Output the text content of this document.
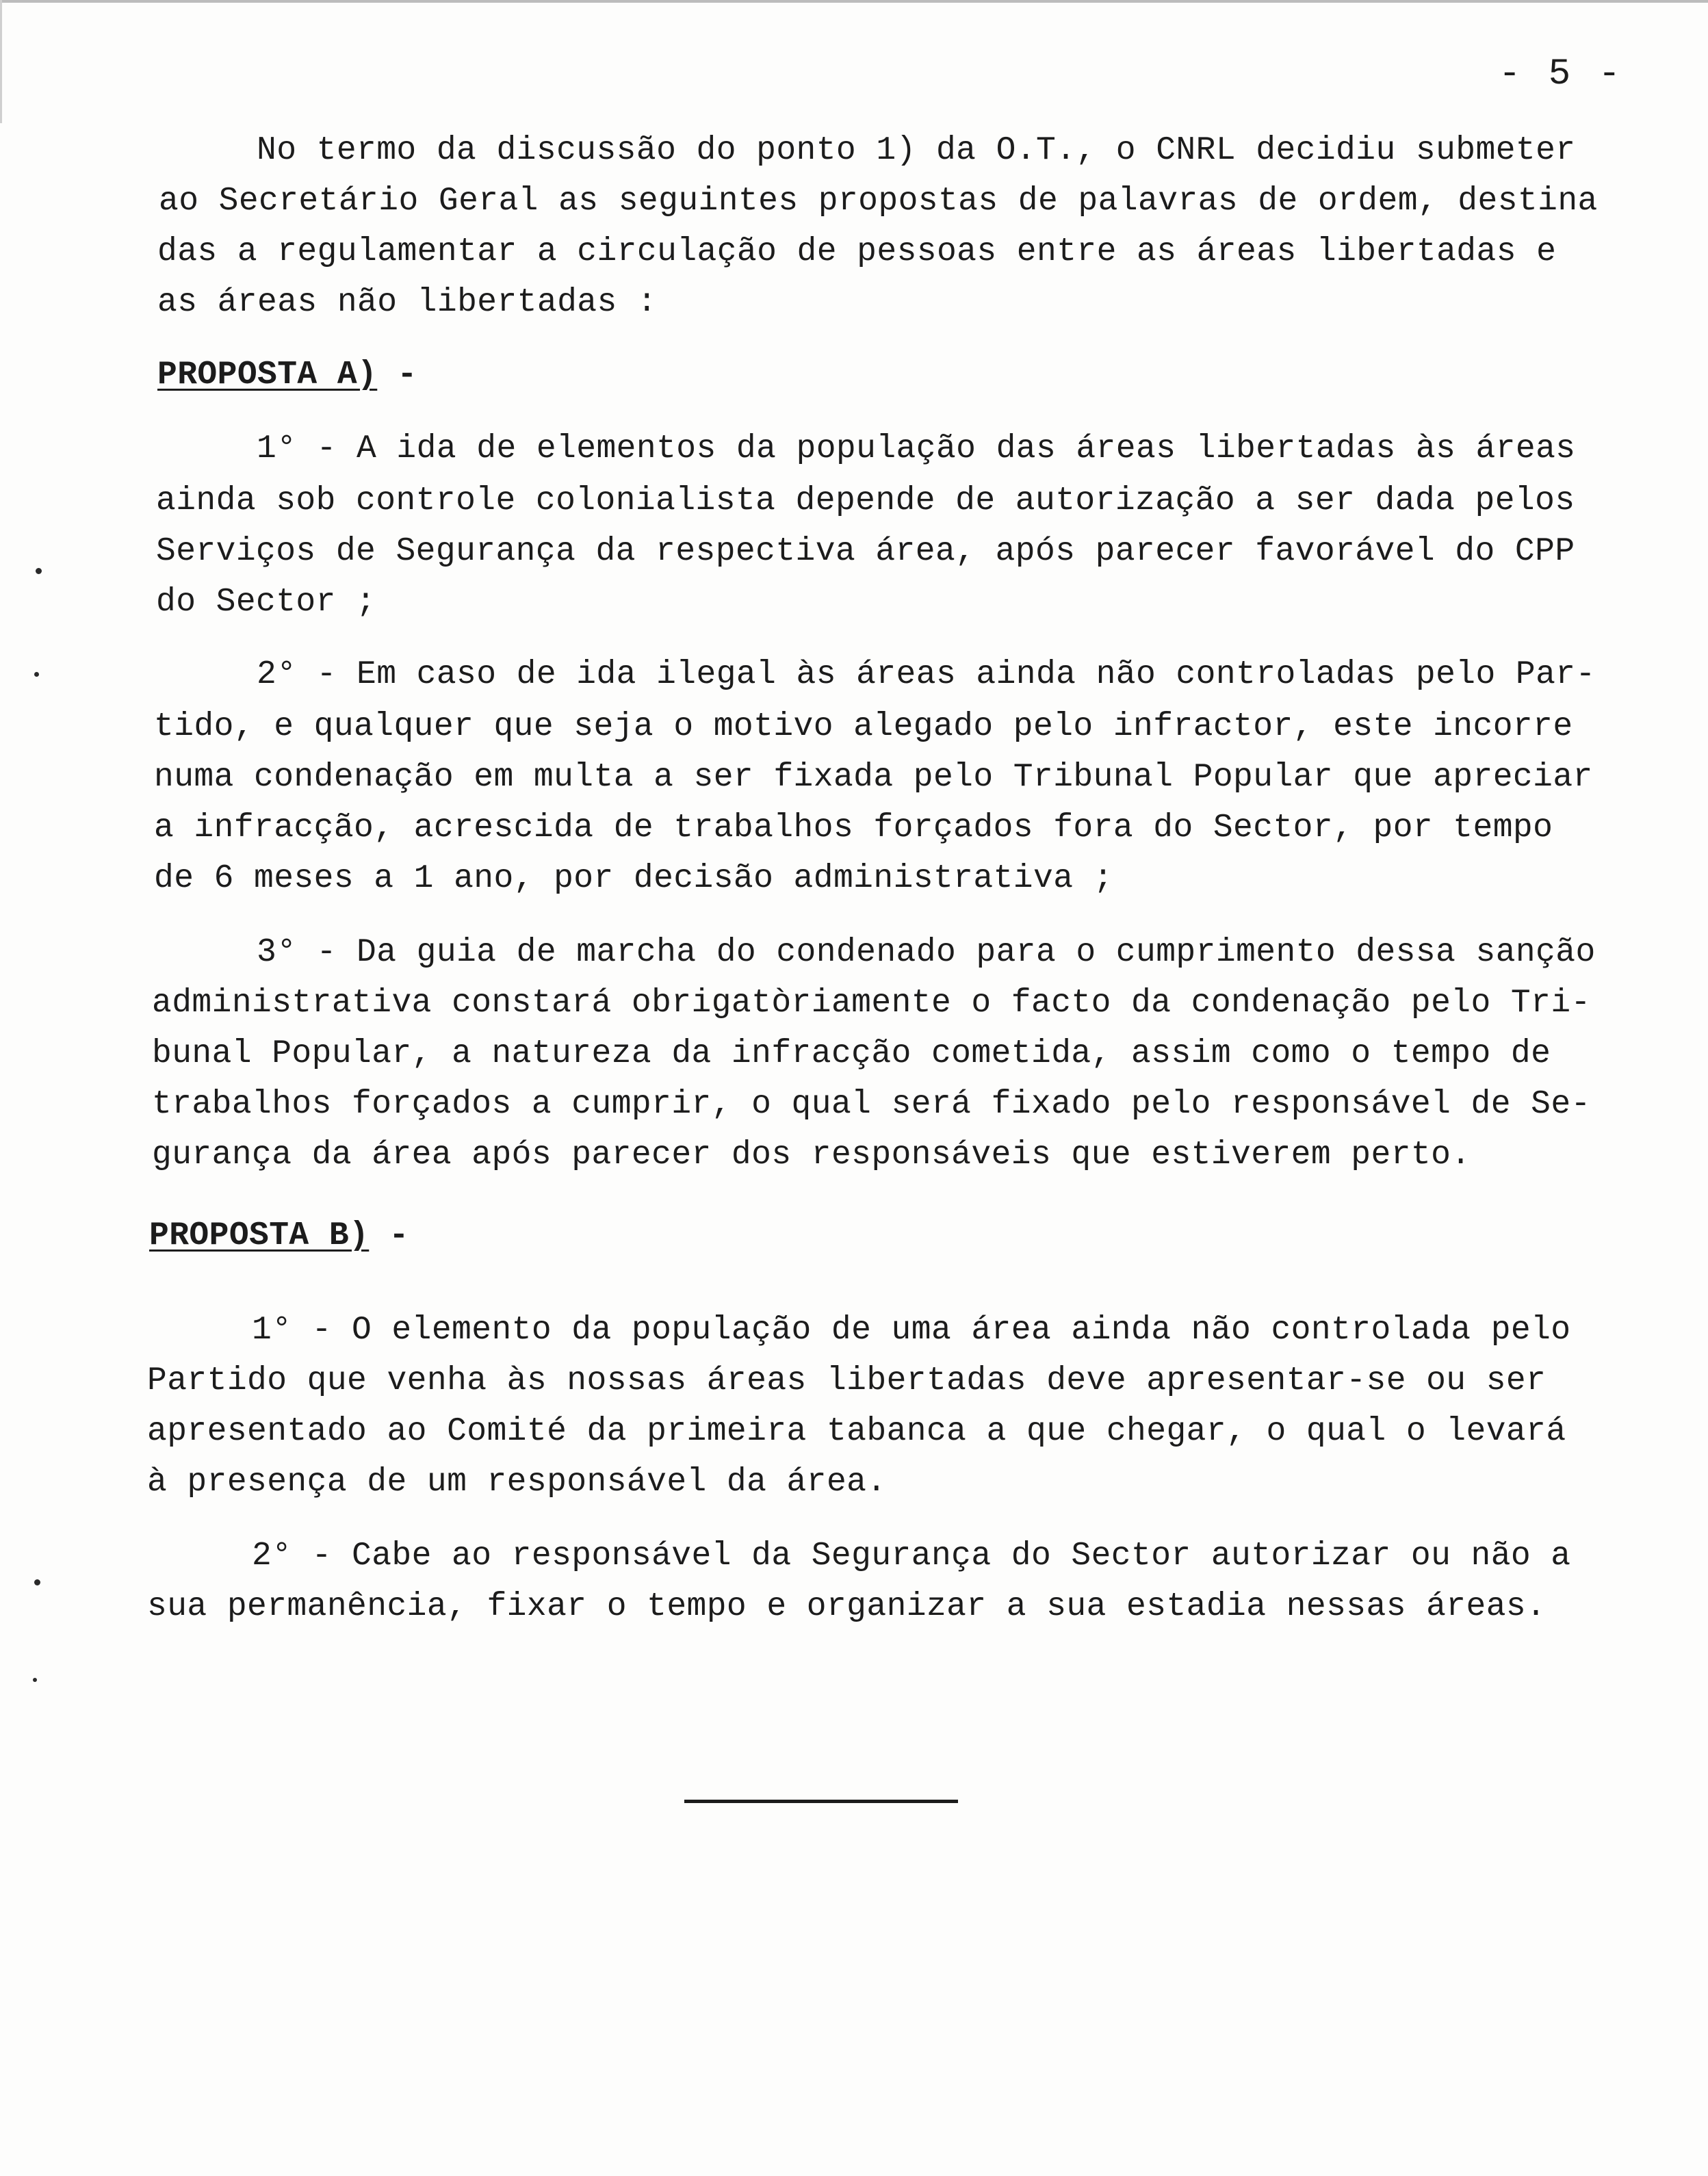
- 5 -
No termo da discussão do ponto 1) da O.T., o CNRL decidiu submeter
ao Secretário Geral as seguintes propostas de palavras de ordem, destina
das a regulamentar a circulação de pessoas entre as áreas libertadas e
as áreas não libertadas :
PROPOSTA A) -
1° - A ida de elementos da população das áreas libertadas às áreas
ainda sob controle colonialista depende de autorização a ser dada pelos
Serviços de Segurança da respectiva área, após parecer favorável do CPP
do Sector ;
2° - Em caso de ida ilegal às áreas ainda não controladas pelo Par-
tido, e qualquer que seja o motivo alegado pelo infractor, este incorre
numa condenação em multa a ser fixada pelo Tribunal Popular que apreciar
a infracção, acrescida de trabalhos forçados fora do Sector, por tempo
de 6 meses a 1 ano, por decisão administrativa ;
3° - Da guia de marcha do condenado para o cumprimento dessa sanção
administrativa constará obrigatòriamente o facto da condenação pelo Tri-
bunal Popular, a natureza da infracção cometida, assim como o tempo de
trabalhos forçados a cumprir, o qual será fixado pelo responsável de Se-
gurança da área após parecer dos responsáveis que estiverem perto.
PROPOSTA B) -
1° - O elemento da população de uma área ainda não controlada pelo
Partido que venha às nossas áreas libertadas deve apresentar-se ou ser
apresentado ao Comité da primeira tabanca a que chegar, o qual o levará
à presença de um responsável da área.
2° - Cabe ao responsável da Segurança do Sector autorizar ou não a
sua permanência, fixar o tempo e organizar a sua estadia nessas áreas.
